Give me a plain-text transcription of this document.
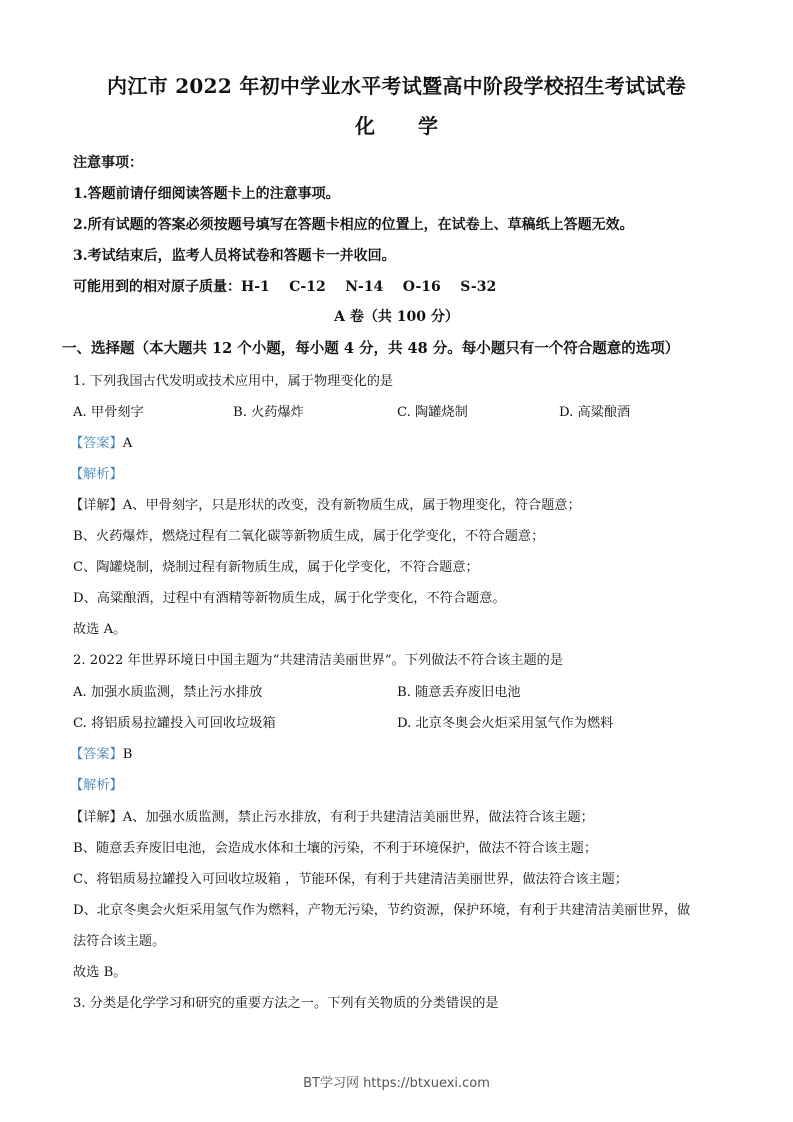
内江市 2022 年初中学业水平考试暨高中阶段学校招生考试试卷
化 学
注意事项：
1.答题前请仔细阅读答题卡上的注意事项。
2.所有试题的答案必须按题号填写在答题卡相应的位置上，在试卷上、草稿纸上答题无效。
3.考试结束后，监考人员将试卷和答题卡一并收回。
可能用到的相对原子质量：H-1    C-12    N-14    O-16    S-32
A 卷（共 100 分）
一、选择题（本大题共 12 个小题，每小题 4 分，共 48 分。每小题只有一个符合题意的选项）
1. 下列我国古代发明或技术应用中，属于物理变化的是
A. 甲骨刻字	B. 火药爆炸	C. 陶罐烧制	D. 高粱酿酒
【答案】A
【解析】
【详解】A、甲骨刻字，只是形状的改变，没有新物质生成，属于物理变化，符合题意；
B、火药爆炸，燃烧过程有二氧化碳等新物质生成，属于化学变化，不符合题意；
C、陶罐烧制，烧制过程有新物质生成，属于化学变化，不符合题意；
D、高粱酿酒，过程中有酒精等新物质生成，属于化学变化，不符合题意。
故选 A。
2. 2022 年世界环境日中国主题为“共建清洁美丽世界”。下列做法不符合该主题的是
A. 加强水质监测，禁止污水排放	B. 随意丢弃废旧电池
C. 将铝质易拉罐投入可回收垃圾箱	D. 北京冬奥会火炬采用氢气作为燃料
【答案】B
【解析】
【详解】A、加强水质监测，禁止污水排放，有利于共建清洁美丽世界，做法符合该主题；
B、随意丢弃废旧电池，会造成水体和土壤的污染，不利于环境保护，做法不符合该主题；
C、将铝质易拉罐投入可回收垃圾箱 ，节能环保，有利于共建清洁美丽世界，做法符合该主题；
D、北京冬奥会火炬采用氢气作为燃料，产物无污染，节约资源，保护环境，有利于共建清洁美丽世界，做
法符合该主题。
故选 B。
3. 分类是化学学习和研究的重要方法之一。下列有关物质的分类错误的是
BT学习网 https://btxuexi.com
